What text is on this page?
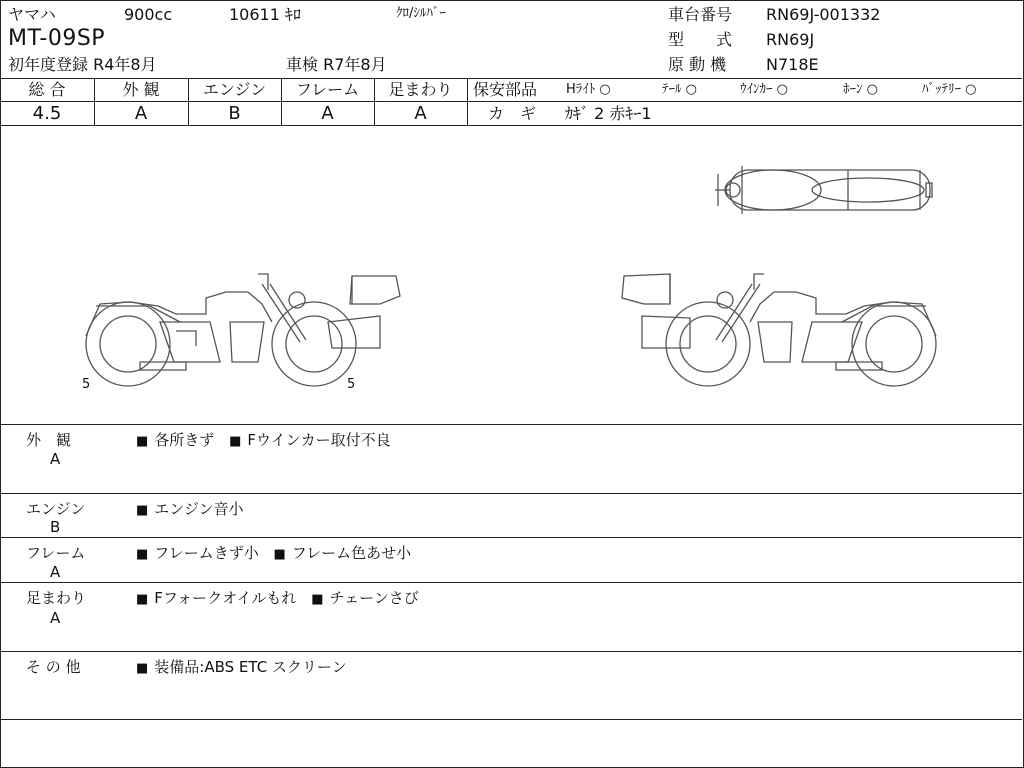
ヤマハ	900cc	10611 ｷﾛ	ｸﾛ/ｼﾙﾊﾞｰ
MT-09SP
初年度登録 R4年8月	車検 R7年8月
車台番号 RN69J-001332
型　　式 RN69J
原 動 機 N718E
総 合	外 観	エンジン	フレーム	足まわり
4.5	A	B	A	A
保安部品 Hﾗｲﾄ ○	ﾃｰﾙ ○	ｳｲﾝｶｰ ○	ﾎｰﾝ ○	ﾊﾞｯﾃﾘｰ ○
カ　ギ ｶｷﾞ 2 赤ｷｰ1
5	5
外　観
A
■ 各所きず ■ Fウインカー取付不良
エンジン
B
■ エンジン音小
フレーム
A
■ フレームきず小 ■ フレーム色あせ小
足まわり
A
■ Fフォークオイルもれ ■ チェーンさび
そ の 他	■ 装備品:ABS ETC スクリーン
